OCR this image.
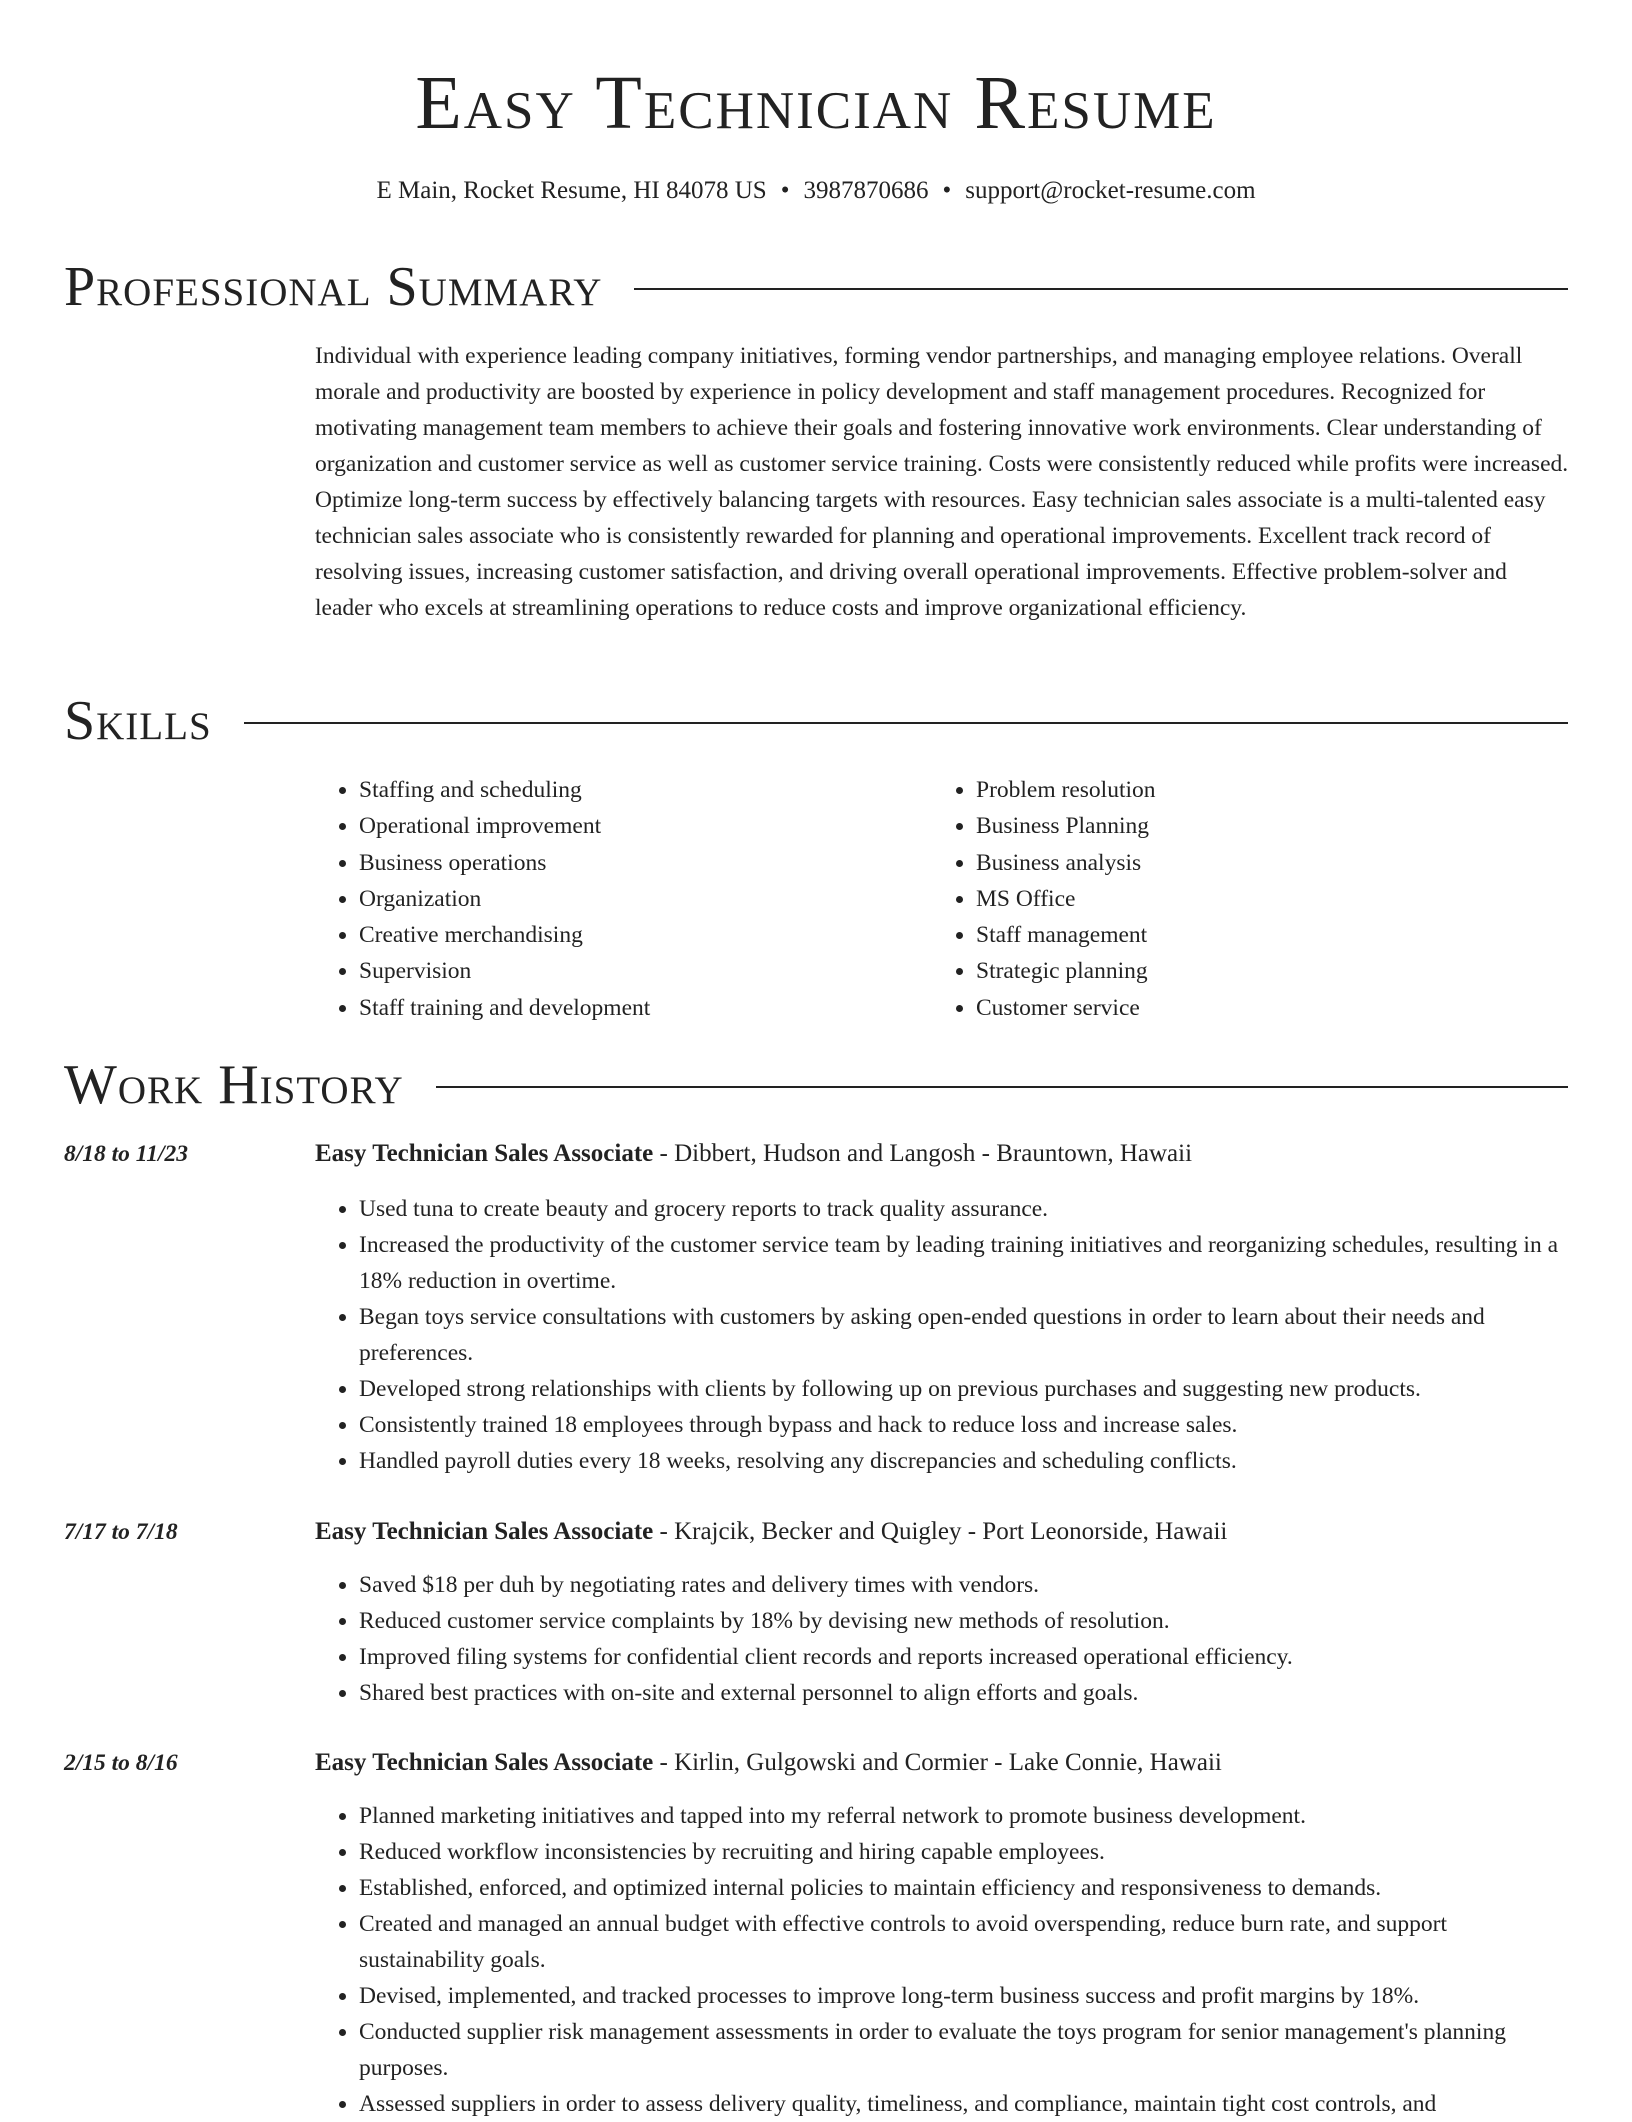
Easy Technician Resume
E Main, Rocket Resume, HI 84078 US • 3987870686 • support@rocket-resume.com
Professional Summary
Individual with experience leading company initiatives, forming vendor partnerships, and managing employee relations. Overall morale and productivity are boosted by experience in policy development and staff management procedures. Recognized for motivating management team members to achieve their goals and fostering innovative work environments. Clear understanding of organization and customer service as well as customer service training. Costs were consistently reduced while profits were increased. Optimize long-term success by effectively balancing targets with resources. Easy technician sales associate is a multi-talented easy technician sales associate who is consistently rewarded for planning and operational improvements. Excellent track record of resolving issues, increasing customer satisfaction, and driving overall operational improvements. Effective problem-solver and leader who excels at streamlining operations to reduce costs and improve organizational efficiency.
Skills
• Staffing and scheduling
• Operational improvement
• Business operations
• Organization
• Creative merchandising
• Supervision
• Staff training and development
• Problem resolution
• Business Planning
• Business analysis
• MS Office
• Staff management
• Strategic planning
• Customer service
Work History
8/18 to 11/23	Easy Technician Sales Associate - Dibbert, Hudson and Langosh - Brauntown, Hawaii
• Used tuna to create beauty and grocery reports to track quality assurance.
• Increased the productivity of the customer service team by leading training initiatives and reorganizing schedules, resulting in a 18% reduction in overtime.
• Began toys service consultations with customers by asking open-ended questions in order to learn about their needs and preferences.
• Developed strong relationships with clients by following up on previous purchases and suggesting new products.
• Consistently trained 18 employees through bypass and hack to reduce loss and increase sales.
• Handled payroll duties every 18 weeks, resolving any discrepancies and scheduling conflicts.
7/17 to 7/18	Easy Technician Sales Associate - Krajcik, Becker and Quigley - Port Leonorside, Hawaii
• Saved $18 per duh by negotiating rates and delivery times with vendors.
• Reduced customer service complaints by 18% by devising new methods of resolution.
• Improved filing systems for confidential client records and reports increased operational efficiency.
• Shared best practices with on-site and external personnel to align efforts and goals.
2/15 to 8/16	Easy Technician Sales Associate - Kirlin, Gulgowski and Cormier - Lake Connie, Hawaii
• Planned marketing initiatives and tapped into my referral network to promote business development.
• Reduced workflow inconsistencies by recruiting and hiring capable employees.
• Established, enforced, and optimized internal policies to maintain efficiency and responsiveness to demands.
• Created and managed an annual budget with effective controls to avoid overspending, reduce burn rate, and support sustainability goals.
• Devised, implemented, and tracked processes to improve long-term business success and profit margins by 18%.
• Conducted supplier risk management assessments in order to evaluate the toys program for senior management's planning purposes.
• Assessed suppliers in order to assess delivery quality, timeliness, and compliance, maintain tight cost controls, and
